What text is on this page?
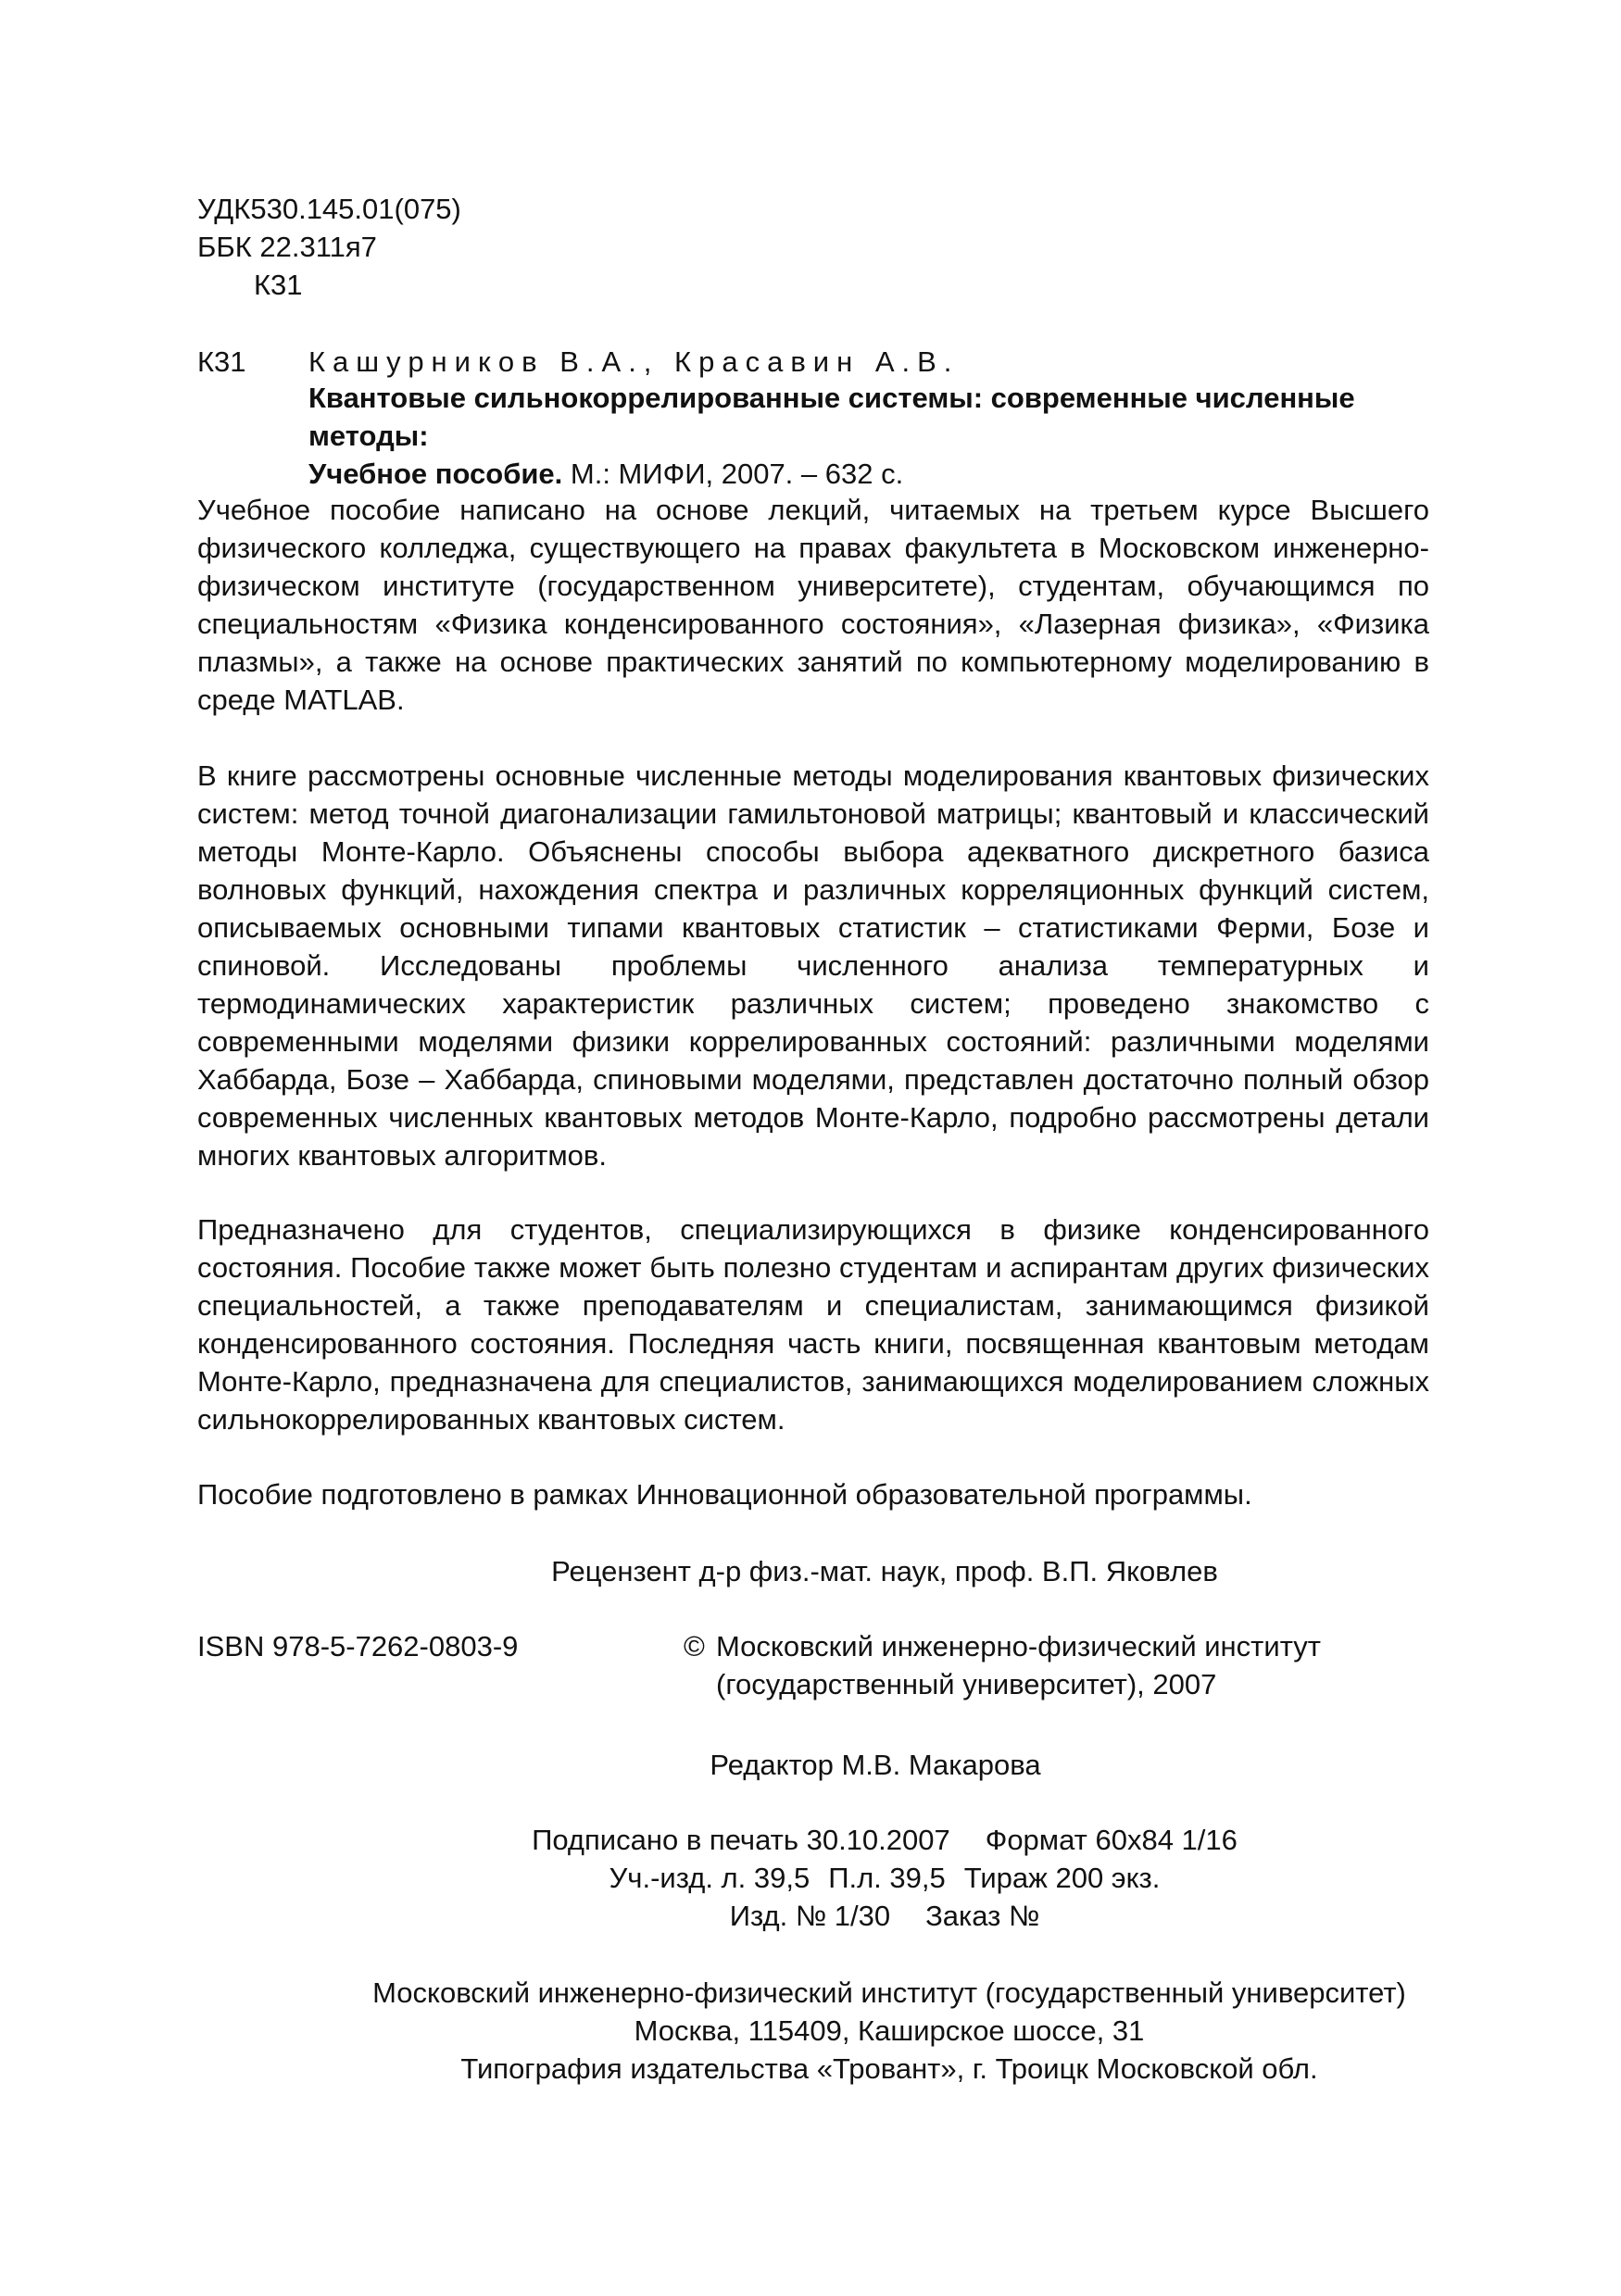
УДК530.145.01(075)
ББК 22.311я7
К31
К31 Кашурников В.А., Красавин А.В.
Квантовые сильнокоррелированные системы: современные численные методы:
Учебное пособие. М.: МИФИ, 2007. – 632 с.
Учебное пособие написано на основе лекций, читаемых на третьем курсе Высшего физического колледжа, существующего на правах факультета в Московском инженерно-физическом институте (государственном университете), студентам, обучающимся по специальностям «Физика конденсированного состояния», «Лазерная физика», «Физика плазмы», а также на основе практических занятий по компьютерному моделированию в среде MATLAB.
В книге рассмотрены основные численные методы моделирования квантовых физических систем: метод точной диагонализации гамильтоновой матрицы; квантовый и классический методы Монте-Карло. Объяснены способы выбора адекватного дискретного базиса волновых функций, нахождения спектра и различных корреляционных функций систем, описываемых основными типами квантовых статистик – статистиками Ферми, Бозе и спиновой. Исследованы проблемы численного анализа температурных и термодинамических характеристик различных систем; проведено знакомство с современными моделями физики коррелированных состояний: различными моделями Хаббарда, Бозе – Хаббарда, спиновыми моделями, представлен достаточно полный обзор современных численных квантовых методов Монте-Карло, подробно рассмотрены детали многих квантовых алгоритмов.
Предназначено для студентов, специализирующихся в физике конденсированного состояния. Пособие также может быть полезно студентам и аспирантам других физических специальностей, а также преподавателям и специалистам, занимающимся физикой конденсированного состояния. Последняя часть книги, посвященная квантовым методам Монте-Карло, предназначена для специалистов, занимающихся моделированием сложных сильнокоррелированных квантовых систем.
Пособие подготовлено в рамках Инновационной образовательной программы.
Рецензент д-р физ.-мат. наук, проф. В.П. Яковлев
ISBN 978-5-7262-0803-9	© Московский инженерно-физический институт
(государственный университет), 2007
Редактор М.В. Макарова
Подписано в печать 30.10.2007 Формат 60х84 1/16
Уч.-изд. л. 39,5 П.л. 39,5 Тираж 200 экз.
Изд. № 1/30 Заказ №
Московский инженерно-физический институт (государственный университет)
Москва, 115409, Каширское шоссе, 31
Типография издательства «Тровант», г. Троицк Московской обл.
